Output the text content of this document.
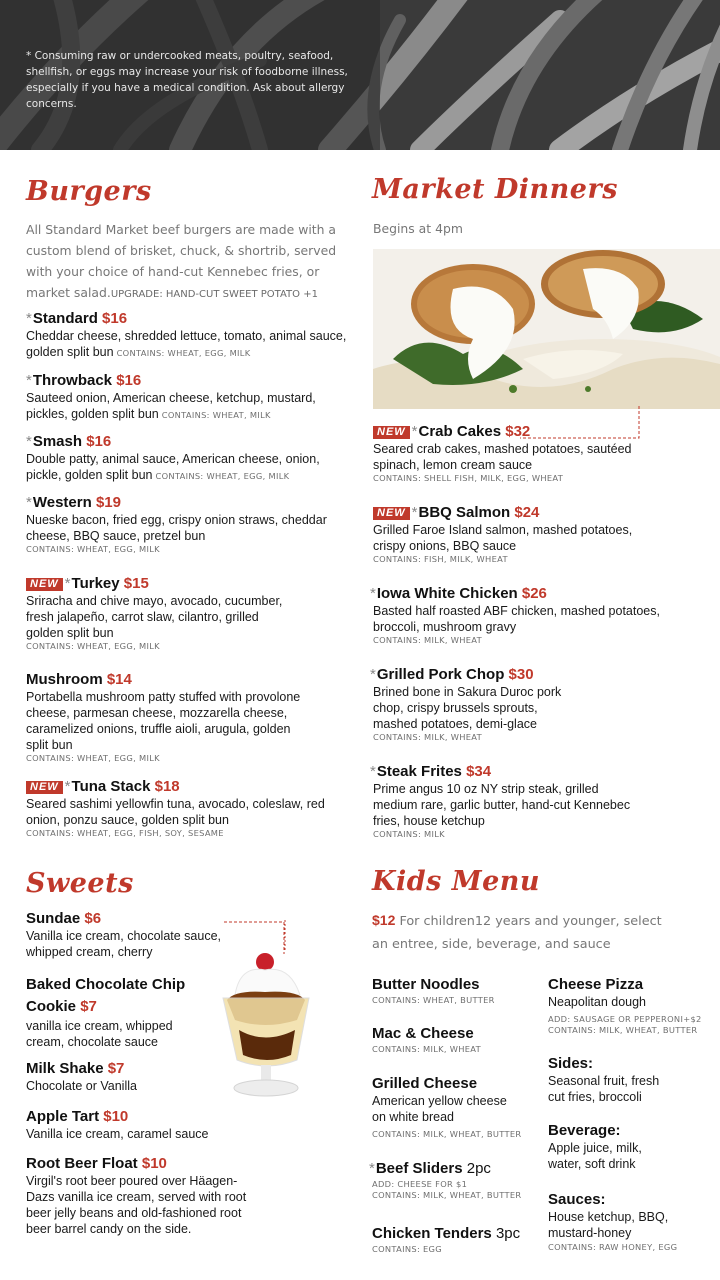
* Consuming raw or undercooked meats, poultry, seafood, shellfish, or eggs may increase your risk of foodborne illness, especially if you have a medical condition. Ask about allergy concerns.
Burgers
All Standard Market beef burgers are made with a custom blend of brisket, chuck, & shortrib, served with your choice of hand-cut Kennebec fries, or market salad.UPGRADE: HAND-CUT SWEET POTATO +1
*Standard $16
Cheddar cheese, shredded lettuce, tomato, animal sauce, golden split bun CONTAINS: WHEAT, EGG, MILK
*Throwback $16
Sauteed onion, American cheese, ketchup, mustard, pickles, golden split bun CONTAINS: WHEAT, MILK
*Smash $16
Double patty, animal sauce, American cheese, onion, pickle, golden split bun CONTAINS: WHEAT, EGG, MILK
*Western $19
Nueske bacon, fried egg, crispy onion straws, cheddar cheese, BBQ sauce, pretzel bun
CONTAINS: WHEAT, EGG, MILK
NEW *Turkey $15
Sriracha and chive mayo, avocado, cucumber, fresh jalapeño, carrot slaw, cilantro, grilled golden split bun
CONTAINS: WHEAT, EGG, MILK
Mushroom $14
Portabella mushroom patty stuffed with provolone cheese, parmesan cheese, mozzarella cheese, caramelized onions, truffle aioli, arugula, golden split bun
CONTAINS: WHEAT, EGG, MILK
NEW *Tuna Stack $18
Seared sashimi yellowfin tuna, avocado, coleslaw, red onion, ponzu sauce, golden split bun
CONTAINS: WHEAT, EGG, FISH, SOY, SESAME
Market Dinners
Begins at 4pm
NEW *Crab Cakes $32
Seared crab cakes, mashed potatoes, sautéed spinach, lemon cream sauce
CONTAINS: SHELL FISH, MILK, EGG, WHEAT
NEW *BBQ Salmon $24
Grilled Faroe Island salmon, mashed potatoes, crispy onions, BBQ sauce
CONTAINS: FISH, MILK, WHEAT
*Iowa White Chicken $26
Basted half roasted ABF chicken, mashed potatoes, broccoli, mushroom gravy
CONTAINS: MILK, WHEAT
*Grilled Pork Chop $30
Brined bone in Sakura Duroc pork chop, crispy brussels sprouts, mashed potatoes, demi-glace
CONTAINS: MILK, WHEAT
*Steak Frites $34
Prime angus 10 oz NY strip steak, grilled medium rare, garlic butter, hand-cut Kennebec fries, house ketchup
CONTAINS: MILK
Sweets
Sundae $6
Vanilla ice cream, chocolate sauce, whipped cream, cherry
Baked Chocolate Chip Cookie $7
vanilla ice cream, whipped cream, chocolate sauce
Milk Shake $7
Chocolate or Vanilla
Apple Tart $10
Vanilla ice cream, caramel sauce
Root Beer Float $10
Virgil's root beer poured over Häagen-Dazs vanilla ice cream, served with root beer jelly beans and old-fashioned root beer barrel candy on the side.
Kids Menu
$12 For children12 years and younger, select an entree, side, beverage, and sauce
Butter Noodles
CONTAINS: WHEAT, BUTTER
Mac & Cheese
CONTAINS: MILK, WHEAT
Grilled Cheese
American yellow cheese on white bread
CONTAINS: MILK, WHEAT, BUTTER
*Beef Sliders 2pc
ADD: CHEESE FOR $1
CONTAINS: MILK, WHEAT, BUTTER
Chicken Tenders 3pc
CONTAINS: EGG
Cheese Pizza
Neapolitan dough
ADD: SAUSAGE OR PEPPERONI+$2
CONTAINS: MILK, WHEAT, BUTTER
Sides:
Seasonal fruit, fresh cut fries, broccoli
Beverage:
Apple juice, milk, water, soft drink
Sauces:
House ketchup, BBQ, mustard-honey
CONTAINS: RAW HONEY, EGG
